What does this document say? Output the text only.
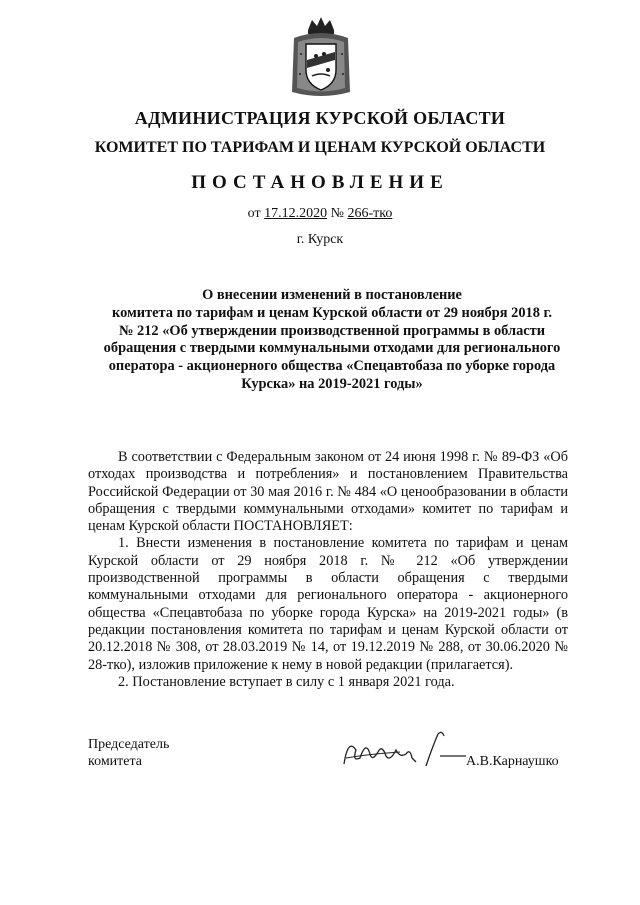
АДМИНИСТРАЦИЯ КУРСКОЙ ОБЛАСТИ
КОМИТЕТ ПО ТАРИФАМ И ЦЕНАМ КУРСКОЙ ОБЛАСТИ
ПОСТАНОВЛЕНИЕ
от 17.12.2020 № 266-тко
г. Курск
О внесении изменений в постановление
комитета по тарифам и ценам Курской области от 29 ноября 2018 г.
№ 212 «Об утверждении производственной программы в области
обращения с твердыми коммунальными отходами для регионального
оператора - акционерного общества «Спецавтобаза по уборке города
Курска» на 2019-2021 годы»

В соответствии с Федеральным законом от 24 июня 1998 г. № 89-ФЗ «Об отходах производства и потребления» и постановлением Правительства Российской Федерации от 30 мая 2016 г. № 484 «О ценообразовании в области обращения с твердыми коммунальными отходами» комитет по тарифам и ценам Курской области ПОСТАНОВЛЯЕТ:

1. Внести изменения в постановление комитета по тарифам и ценам Курской области от 29 ноября 2018 г. № 212 «Об утверждении производственной программы в области обращения с твердыми коммунальными отходами для регионального оператора - акционерного общества «Спецавтобаза по уборке города Курска» на 2019-2021 годы» (в редакции постановления комитета по тарифам и ценам Курской области от 20.12.2018 № 308, от 28.03.2019 № 14, от 19.12.2019 № 288, от 30.06.2020 № 28-тко), изложив приложение к нему в новой редакции (прилагается).

2. Постановление вступает в силу с 1 января 2021 года.

Председатель
комитета	А.В.Карнаушко
